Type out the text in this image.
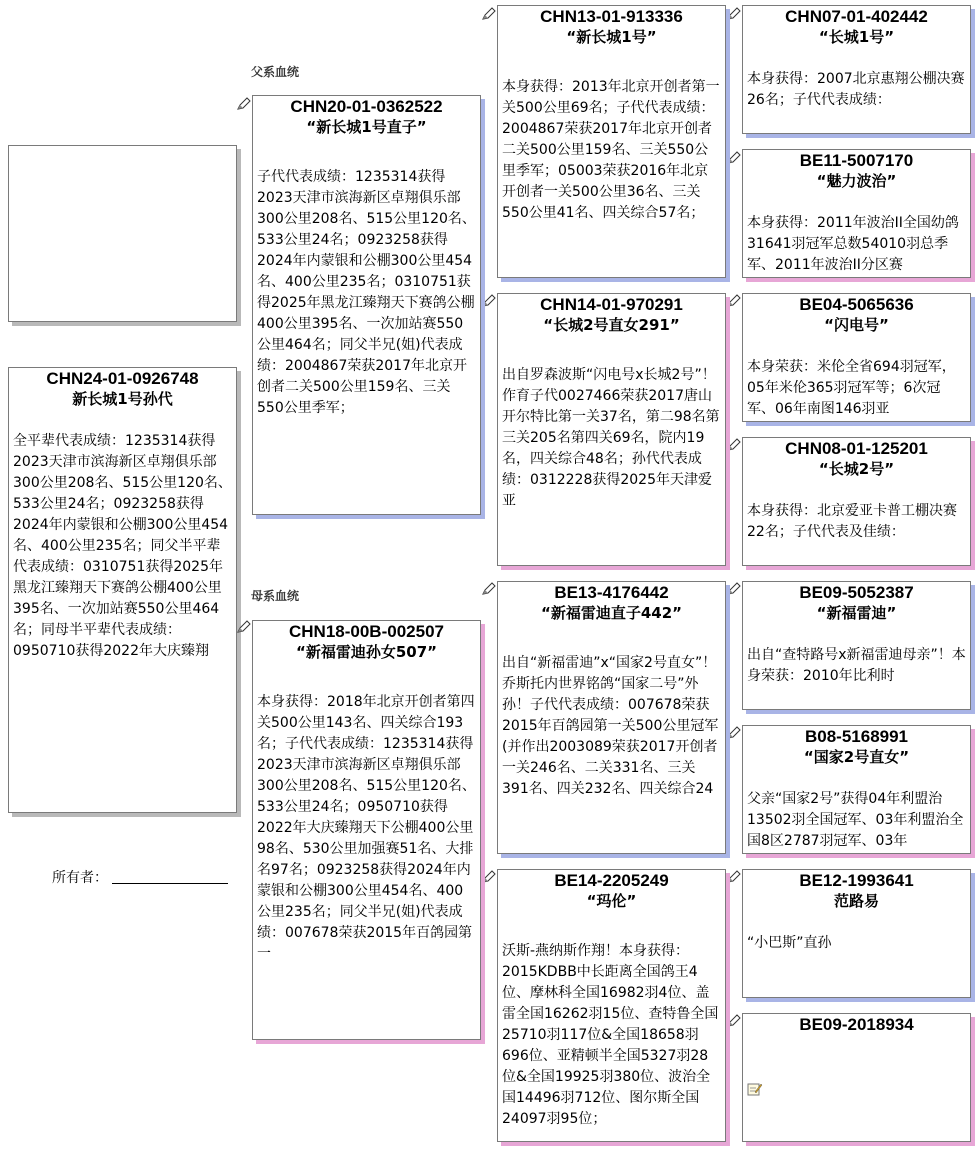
父系血统
母系血统
CHN24-01-0926748
新长城1号孙代
全平辈代表成绩：1235314获得2023天津市滨海新区卓翔俱乐部300公里208名、515公里120名、533公里24名；0923258获得2024年内蒙银和公棚300公里454名、400公里235名；同父半平辈代表成绩：0310751获得2025年黑龙江臻翔天下赛鸽公棚400公里395名、一次加站赛550公里464名；同母半平辈代表成绩：0950710获得2022年大庆臻翔
所有者：
CHN20-01-0362522
“新长城1号直子”
子代代表成绩：1235314获得2023天津市滨海新区卓翔俱乐部300公里208名、515公里120名、533公里24名；0923258获得2024年内蒙银和公棚300公里454名、400公里235名；0310751获得2025年黑龙江臻翔天下赛鸽公棚400公里395名、一次加站赛550公里464名；同父半兄(姐)代表成绩：2004867荣获2017年北京开创者二关500公里159名、三关550公里季军；
CHN18-00B-002507
“新福雷迪孙女507”
本身获得：2018年北京开创者第四关500公里143名、四关综合193名；子代代表成绩：1235314获得2023天津市滨海新区卓翔俱乐部300公里208名、515公里120名、533公里24名；0950710获得2022年大庆臻翔天下公棚400公里98名、530公里加强赛51名、大排名97名；0923258获得2024年内蒙银和公棚300公里454名、400公里235名；同父半兄(姐)代表成绩：007678荣获2015年百鸽园第一
CHN13-01-913336
“新长城1号”
本身获得：2013年北京开创者第一关500公里69名；子代代表成绩：2004867荣获2017年北京开创者二关500公里159名、三关550公里季军；05003荣获2016年北京开创者一关500公里36名、三关550公里41名、四关综合57名；
CHN14-01-970291
“长城2号直女291”
出自罗森波斯“闪电号x长城2号”！作育子代0027466荣获2017唐山开尔特比第一关37名，第二98名第三关205名第四关69名，院内19名，四关综合48名；孙代代表成绩：0312228获得2025年天津爱亚
BE13-4176442
“新福雷迪直子442”
出自“新福雷迪”x“国家2号直女”！乔斯托内世界铭鸽“国家二号”外孙！子代代表成绩：007678荣获2015年百鸽园第一关500公里冠军(并作出2003089荣获2017开创者一关246名、二关331名、三关391名、四关232名、四关综合24
BE14-2205249
“玛伦”
沃斯-燕纳斯作翔！本身获得：2015KDBB中长距离全国鸽王4位、摩林科全国16982羽4位、盖雷全国16262羽15位、查特鲁全国25710羽117位&全国18658羽696位、亚精顿半全国5327羽28位&全国19925羽380位、波治全国14496羽712位、图尔斯全国24097羽95位；
CHN07-01-402442
“长城1号”
本身获得：2007北京惠翔公棚决赛26名；子代代表成绩：
BE11-5007170
“魅力波治”
本身获得：2011年波治II全国幼鸽31641羽冠军总数54010羽总季军、2011年波治II分区赛
BE04-5065636
“闪电号”
本身荣获：米伦全省694羽冠军，05年米伦365羽冠军等；6次冠军、06年南图146羽亚
CHN08-01-125201
“长城2号”
本身获得：北京爱亚卡普工棚决赛22名；子代代表及佳绩：
BE09-5052387
“新福雷迪”
出自“查特路号x新福雷迪母亲”！本身荣获：2010年比利时
B08-5168991
“国家2号直女”
父亲“国家2号”获得04年利盟治13502羽全国冠军、03年利盟治全国8区2787羽冠军、03年
BE12-1993641
范路易
“小巴斯”直孙
BE09-2018934
